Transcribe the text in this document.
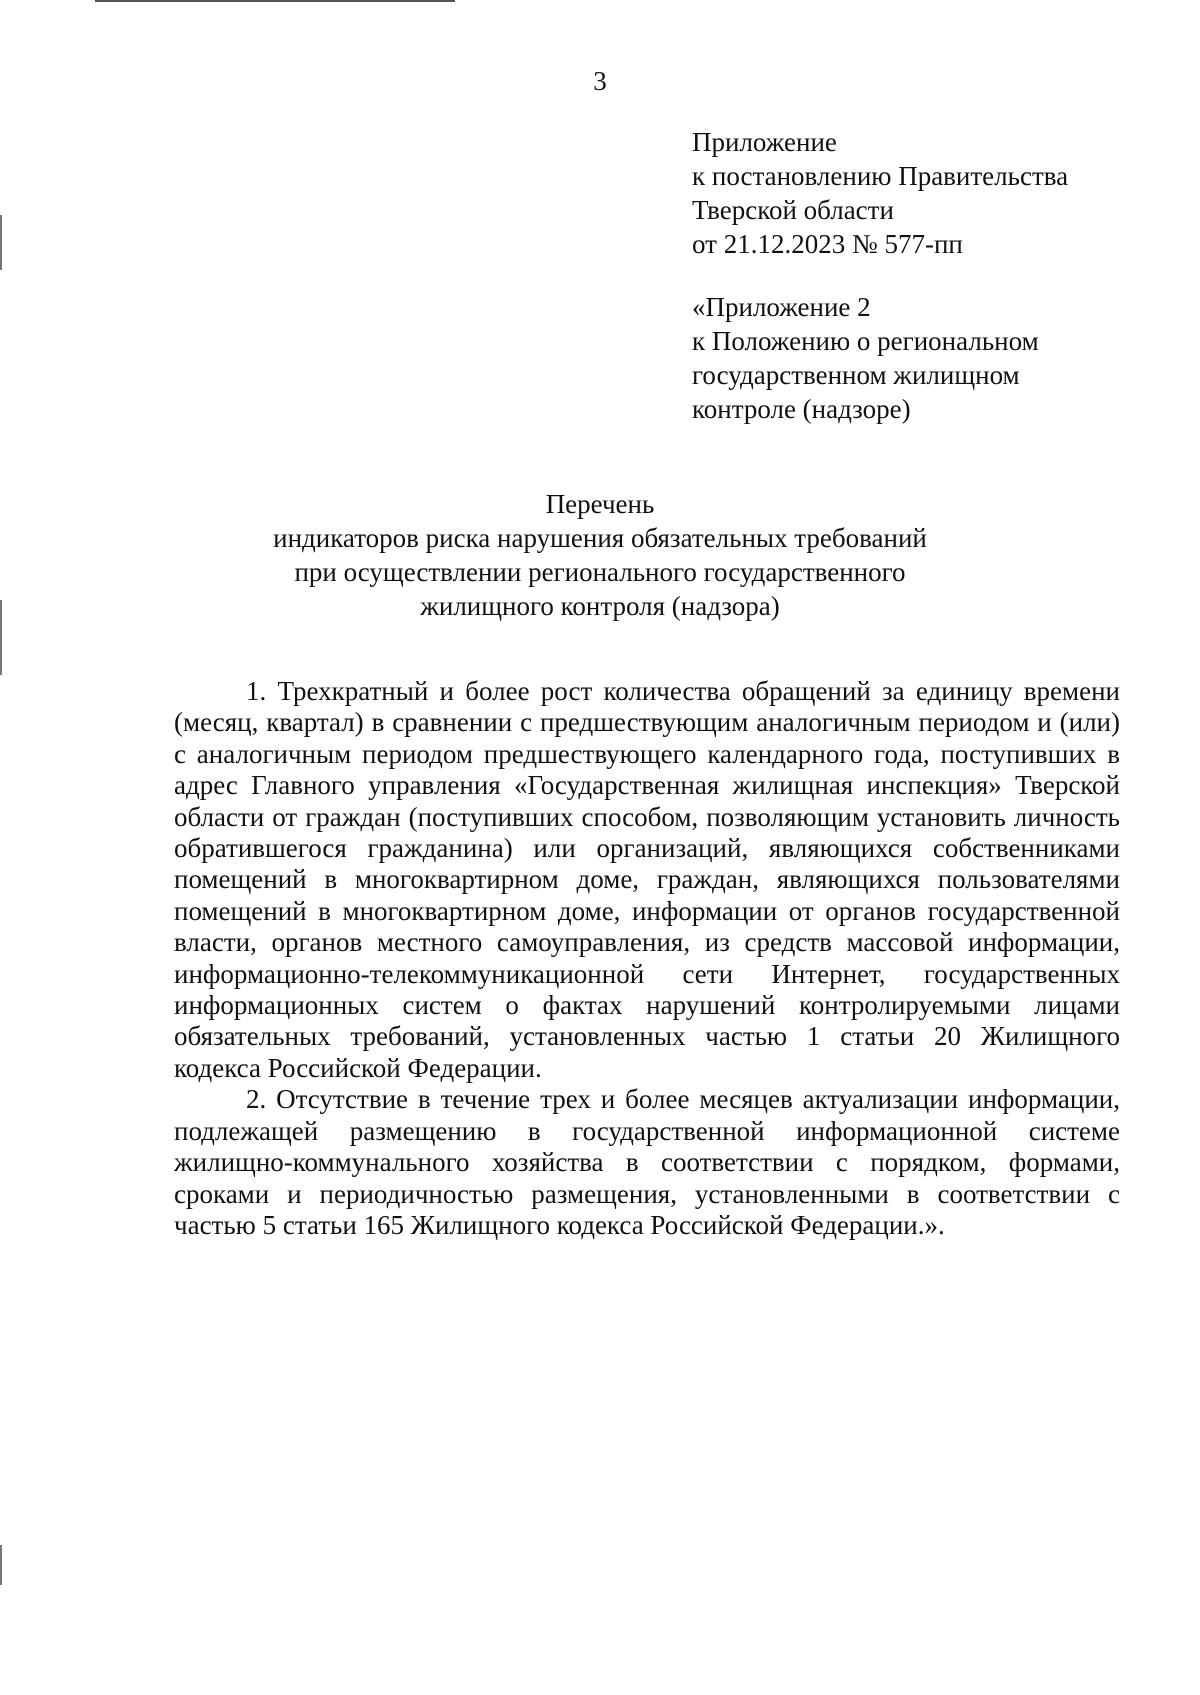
3
Приложение
к постановлению Правительства
Тверской области
от 21.12.2023 № 577-пп
«Приложение 2
к Положению о региональном
государственном жилищном
контроле (надзоре)
Перечень
индикаторов риска нарушения обязательных требований
при осуществлении регионального государственного
жилищного контроля (надзора)

1. Трехкратный и более рост количества обращений за единицу времени (месяц, квартал) в сравнении с предшествующим аналогичным периодом и (или) с аналогичным периодом предшествующего календарного года, поступивших в адрес Главного управления «Государственная жилищная инспекция» Тверской области от граждан (поступивших способом, позволяющим установить личность обратившегося гражданина) или организаций, являющихся собственниками помещений в многоквартирном доме, граждан, являющихся пользователями помещений в многоквартирном доме, информации от органов государственной власти, органов местного самоуправления, из средств массовой информации, информационно-телекоммуникационной сети Интернет, государственных информационных систем о фактах нарушений контролируемыми лицами обязательных требований, установленных частью 1 статьи 20 Жилищного кодекса Российской Федерации.

2. Отсутствие в течение трех и более месяцев актуализации информации, подлежащей размещению в государственной информационной системе жилищно-коммунального хозяйства в соответствии с порядком, формами, сроками и периодичностью размещения, установленными в соответствии с частью 5 статьи 165 Жилищного кодекса Российской Федерации.».
